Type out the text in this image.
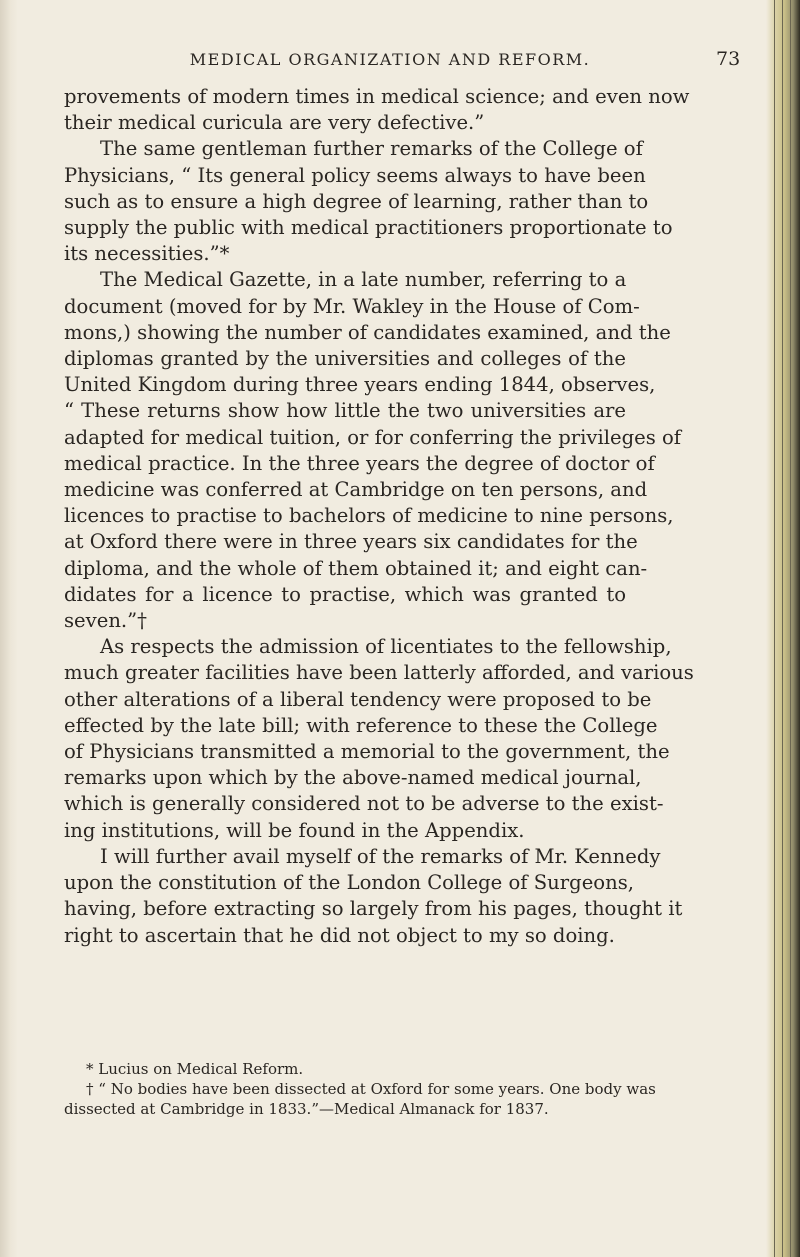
MEDICAL ORGANIZATION AND REFORM.	73
provements of modern times in medical science; and even now
their medical curicula are very defective.”
The same gentleman further remarks of the College of
Physicians, “ Its general policy seems always to have been
such as to ensure a high degree of learning, rather than to
supply the public with medical practitioners proportionate to
its necessities.”*
The Medical Gazette, in a late number, referring to a
document (moved for by Mr. Wakley in the House of Com-
mons,) showing the number of candidates examined, and the
diplomas granted by the universities and colleges of the
United Kingdom during three years ending 1844, observes,
“ These returns show how little the two universities are
adapted for medical tuition, or for conferring the privileges of
medical practice. In the three years the degree of doctor of
medicine was conferred at Cambridge on ten persons, and
licences to practise to bachelors of medicine to nine persons,
at Oxford there were in three years six candidates for the
diploma, and the whole of them obtained it; and eight can-
didates for a licence to practise, which was granted to
seven.”†
As respects the admission of licentiates to the fellowship,
much greater facilities have been latterly afforded, and various
other alterations of a liberal tendency were proposed to be
effected by the late bill; with reference to these the College
of Physicians transmitted a memorial to the government, the
remarks upon which by the above-named medical journal,
which is generally considered not to be adverse to the exist-
ing institutions, will be found in the Appendix.
I will further avail myself of the remarks of Mr. Kennedy
upon the constitution of the London College of Surgeons,
having, before extracting so largely from his pages, thought it
right to ascertain that he did not object to my so doing.
* Lucius on Medical Reform.
† “ No bodies have been dissected at Oxford for some years. One body was
dissected at Cambridge in 1833.”—Medical Almanack for 1837.
